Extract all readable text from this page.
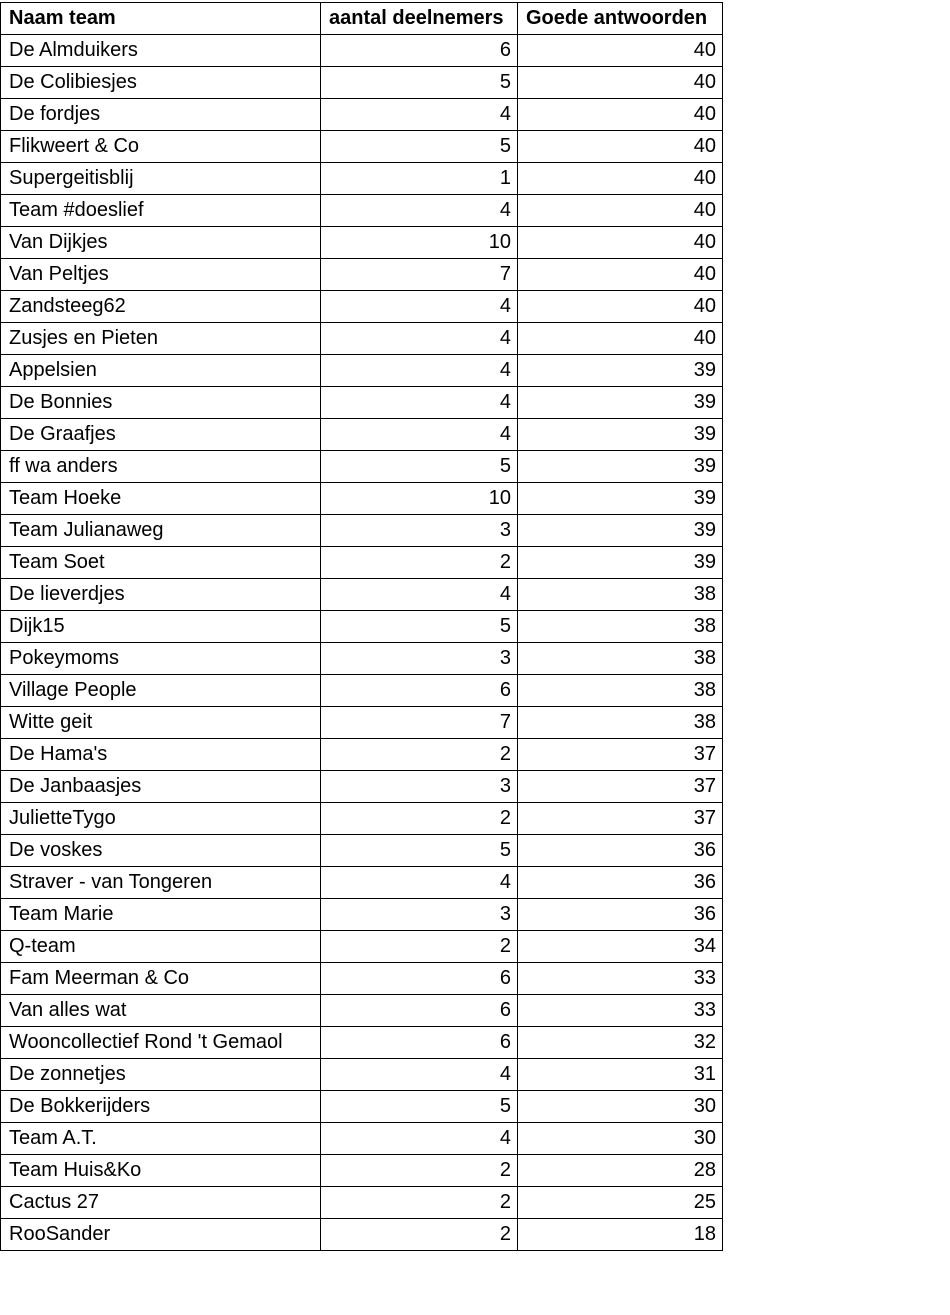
Naam team	aantal deelnemers	Goede antwoorden
De Almduikers	6	40
De Colibiesjes	5	40
De fordjes	4	40
Flikweert & Co	5	40
Supergeitisblij	1	40
Team #doeslief	4	40
Van Dijkjes	10	40
Van Peltjes	7	40
Zandsteeg62	4	40
Zusjes en Pieten	4	40
Appelsien	4	39
De Bonnies	4	39
De Graafjes	4	39
ff wa anders	5	39
Team Hoeke	10	39
Team Julianaweg	3	39
Team Soet	2	39
De lieverdjes	4	38
Dijk15	5	38
Pokeymoms	3	38
Village People	6	38
Witte geit	7	38
De Hama's	2	37
De Janbaasjes	3	37
JulietteTygo	2	37
De voskes	5	36
Straver - van Tongeren	4	36
Team Marie	3	36
Q-team	2	34
Fam Meerman & Co	6	33
Van alles wat	6	33
Wooncollectief Rond 't Gemaol	6	32
De zonnetjes	4	31
De Bokkerijders	5	30
Team A.T.	4	30
Team Huis&Ko	2	28
Cactus 27	2	25
RooSander	2	18
